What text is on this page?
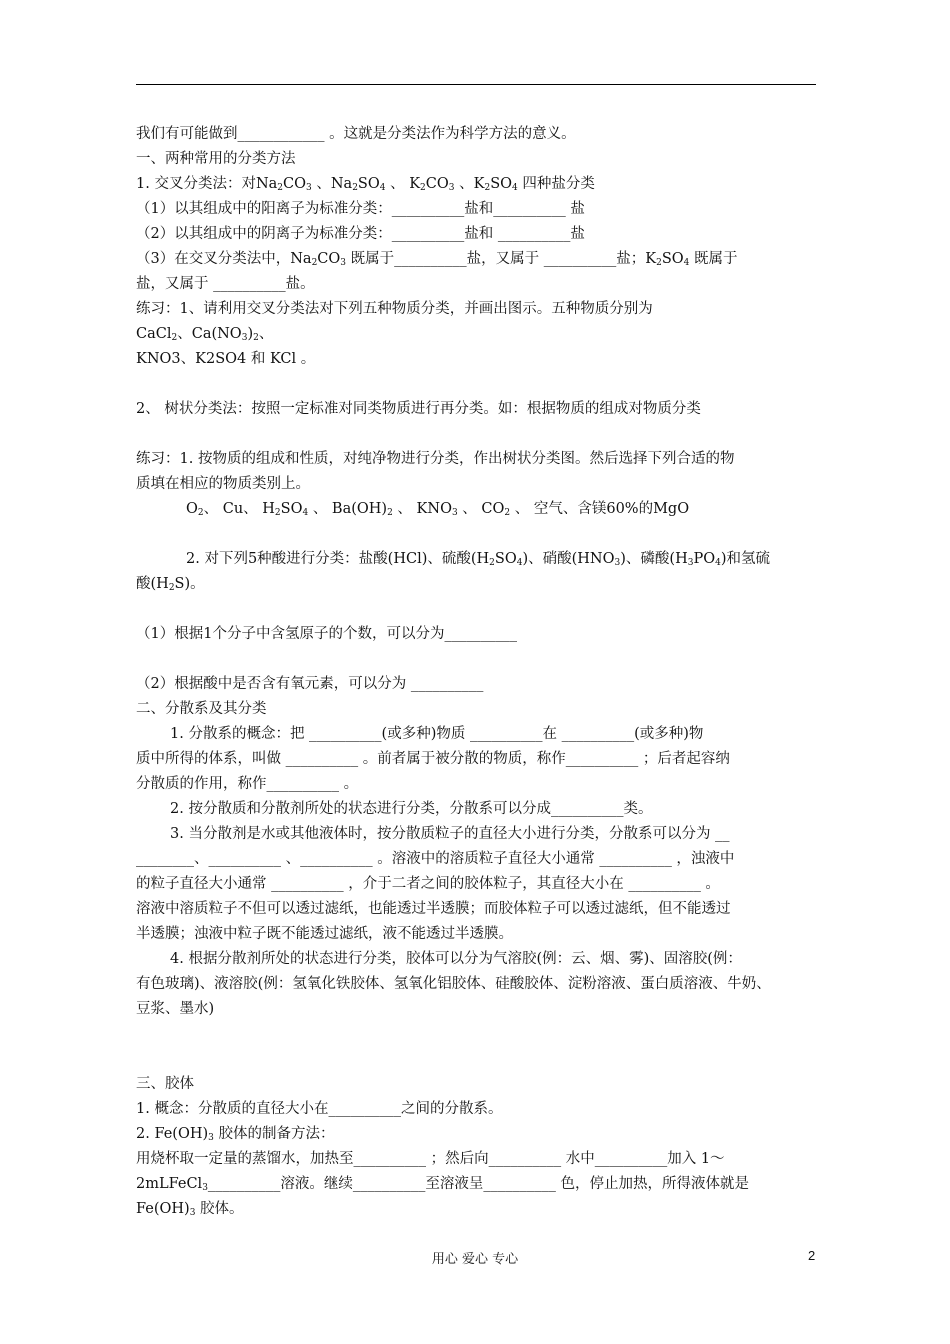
我们有可能做到____________ 。这就是分类法作为科学方法的意义。
一、两种常用的分类方法
1. 交叉分类法：对$Na_2CO_3$ 、$Na_2SO_4$ 、 $K_2CO_3$ 、$K_2SO_4$ 四种盐分类
（1）以其组成中的阳离子为标准分类：__________盐和__________ 盐
（2）以其组成中的阴离子为标准分类：__________盐和 __________盐
（3）在交叉分类法中，$Na_2CO_3$ 既属于__________盐，又属于 __________盐；$K_2SO_4$ 既属于
盐，又属于 __________盐。
练习：1、请利用交叉分类法对下列五种物质分类，并画出图示。五种物质分别为
CaCl$_2$、$Ca(NO_3)_2$、
KNO3、K2SO4 和 KCl 。
2、 树状分类法：按照一定标准对同类物质进行再分类。如：根据物质的组成对物质分类
练习：1. 按物质的组成和性质，对纯净物进行分类，作出树状分类图。然后选择下列合适的物
质填在相应的物质类别上。
$O_2$、 Cu、 $H_2SO_4$ 、 $Ba(OH)_2$ 、 $KNO_3$ 、 $CO_2$ 、 空气、含镁60%的MgO
2. 对下列5种酸进行分类：盐酸(HCl)、硫酸$(H_2SO_4)$、硝酸$(HNO_3)$、磷酸$(H_3PO_4)$和氢硫
酸$(H_2S)$。
（1）根据1个分子中含氢原子的个数，可以分为__________
（2）根据酸中是否含有氧元素，可以分为 __________
二、分散系及其分类
1. 分散系的概念：把 __________(或多种)物质 __________在 __________(或多种)物
质中所得的体系，叫做 __________ 。前者属于被分散的物质，称作__________ ；后者起容纳
分散质的作用，称作__________ 。
2. 按分散质和分散剂所处的状态进行分类，分散系可以分成__________类。
3. 当分散剂是水或其他液体时，按分散质粒子的直径大小进行分类，分散系可以分为 __
________、__________ 、__________ 。溶液中的溶质粒子直径大小通常 __________ ，浊液中
的粒子直径大小通常 __________ ，介于二者之间的胶体粒子，其直径大小在 __________ 。
溶液中溶质粒子不但可以透过滤纸，也能透过半透膜；而胶体粒子可以透过滤纸，但不能透过
半透膜；浊液中粒子既不能透过滤纸，液不能透过半透膜。
4. 根据分散剂所处的状态进行分类，胶体可以分为气溶胶(例：云、烟、雾)、固溶胶(例：
有色玻璃)、液溶胶(例：氢氧化铁胶体、氢氧化铝胶体、硅酸胶体、淀粉溶液、蛋白质溶液、牛奶、
豆浆、墨水)
三、胶体
1. 概念：分散质的直径大小在__________之间的分散系。
2. $Fe(OH)_3$ 胶体的制备方法：
用烧杯取一定量的蒸馏水，加热至__________ ；然后向__________ 水中__________加入 1～
2mLFeCl$_3$__________溶液。继续__________至溶液呈__________ 色，停止加热，所得液体就是
$Fe(OH)_3$ 胶体。
用心 爱心 专心	2
